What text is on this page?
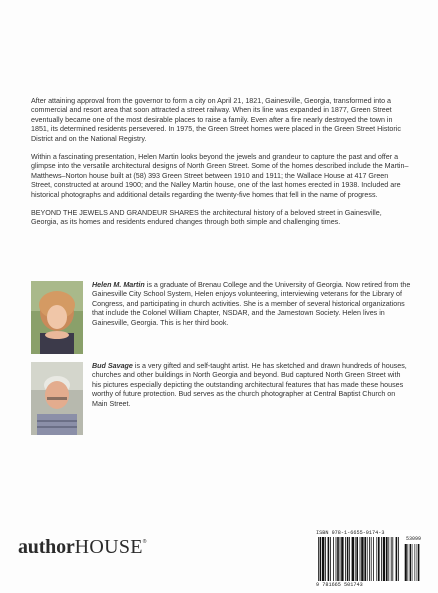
After attaining approval from the governor to form a city on April 21, 1821, Gainesville, Georgia, transformed into a commercial and resort area that soon attracted a street railway. When its line was expanded in 1877, Green Street eventually became one of the most desirable places to raise a family. Even after a fire nearly destroyed the town in 1851, its determined residents persevered. In 1975, the Green Street homes were placed in the Green Street Historic District and on the National Registry.

Within a fascinating presentation, Helen Martin looks beyond the jewels and grandeur to capture the past and offer a glimpse into the versatile architectural designs of North Green Street. Some of the homes described include the Martin–Matthews–Norton house built at (58) 393 Green Street between 1910 and 1911; the Wallace House at 417 Green Street, constructed at around 1900; and the Nalley Martin house, one of the last homes erected in 1938. Included are historical photographs and additional details regarding the twenty-five homes that fell in the name of progress.

BEYOND THE JEWELS AND GRANDEUR SHARES the architectural history of a beloved street in Gainesville, Georgia, as its homes and residents endured changes through both simple and challenging times.

Helen M. Martin is a graduate of Brenau College and the University of Georgia. Now retired from the Gainesville City School System, Helen enjoys volunteering, interviewing veterans for the Library of Congress, and participating in church activities. She is a member of several historical organizations that include the Colonel William Chapter, NSDAR, and the Jamestown Society. Helen lives in Gainesville, Georgia. This is her third book.
Bud Savage is a very gifted and self-taught artist. He has sketched and drawn hundreds of houses, churches and other buildings in North Georgia and beyond. Bud captured North Green Street with his pictures especially depicting the outstanding architectural features that has made these houses worthy of future protection. Bud serves as the church photographer at Central Baptist Church on Main Street.
authorHOUSE®
ISBN 978-1-6655-0174-3
53099
9 781665 501743
